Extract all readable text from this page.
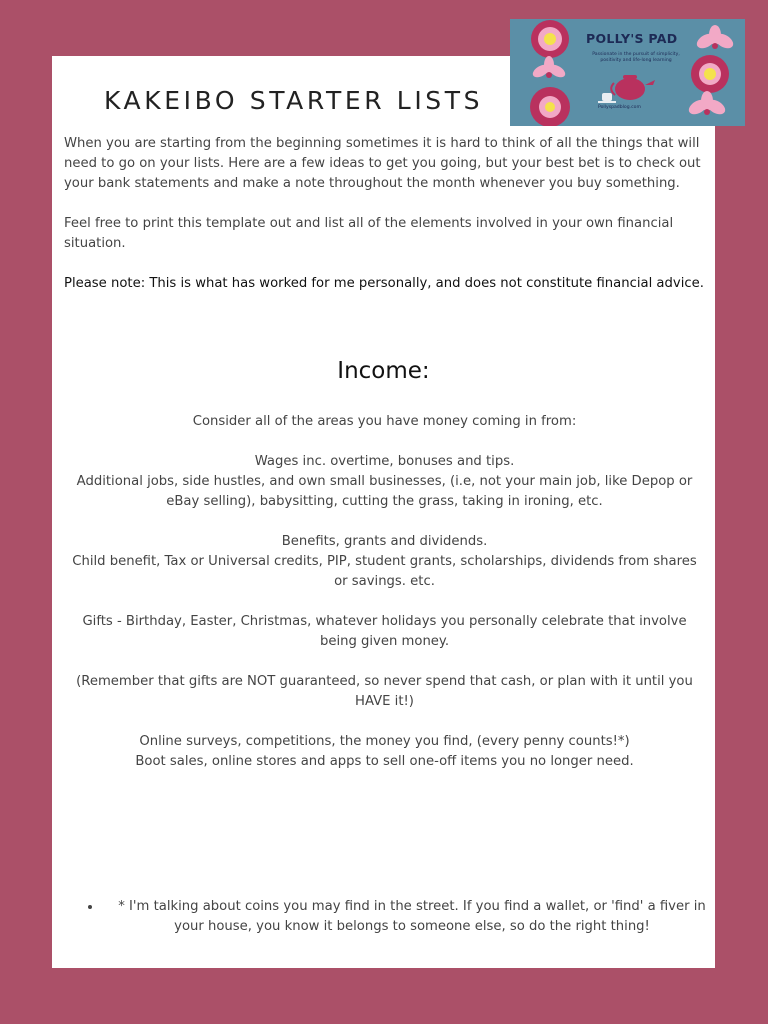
KAKEIBO STARTER LISTS

When you are starting from the beginning sometimes it is hard to think of all the things that will need to go on your lists. Here are a few ideas to get you going, but your best bet is to check out your bank statements and make a note throughout the month whenever you buy something.

Feel free to print this template out and list all of the elements involved in your own financial situation.

Please note: This is what has worked for me personally, and does not constitute financial advice.

Income:

Consider all of the areas you have money coming in from:

Wages inc. overtime, bonuses and tips.
Additional jobs, side hustles, and own small businesses, (i.e, not your main job, like Depop or eBay selling), babysitting, cutting the grass, taking in ironing, etc.

Benefits, grants and dividends.
Child benefit, Tax or Universal credits, PIP, student grants, scholarships, dividends from shares or savings. etc.

Gifts - Birthday, Easter, Christmas, whatever holidays you personally celebrate that involve being given money.

(Remember that gifts are NOT guaranteed, so never spend that cash, or plan with it until you HAVE it!)

Online surveys, competitions, the money you find, (every penny counts!*)
Boot sales, online stores and apps to sell one-off items you no longer need.

• * I'm talking about coins you may find in the street. If you find a wallet, or 'find' a fiver in your house, you know it belongs to someone else, so do the right thing!
POLLY'S PAD
Passionate in the pursuit of simplicity, positivity and life-long learning
Pollyspadblog.com
